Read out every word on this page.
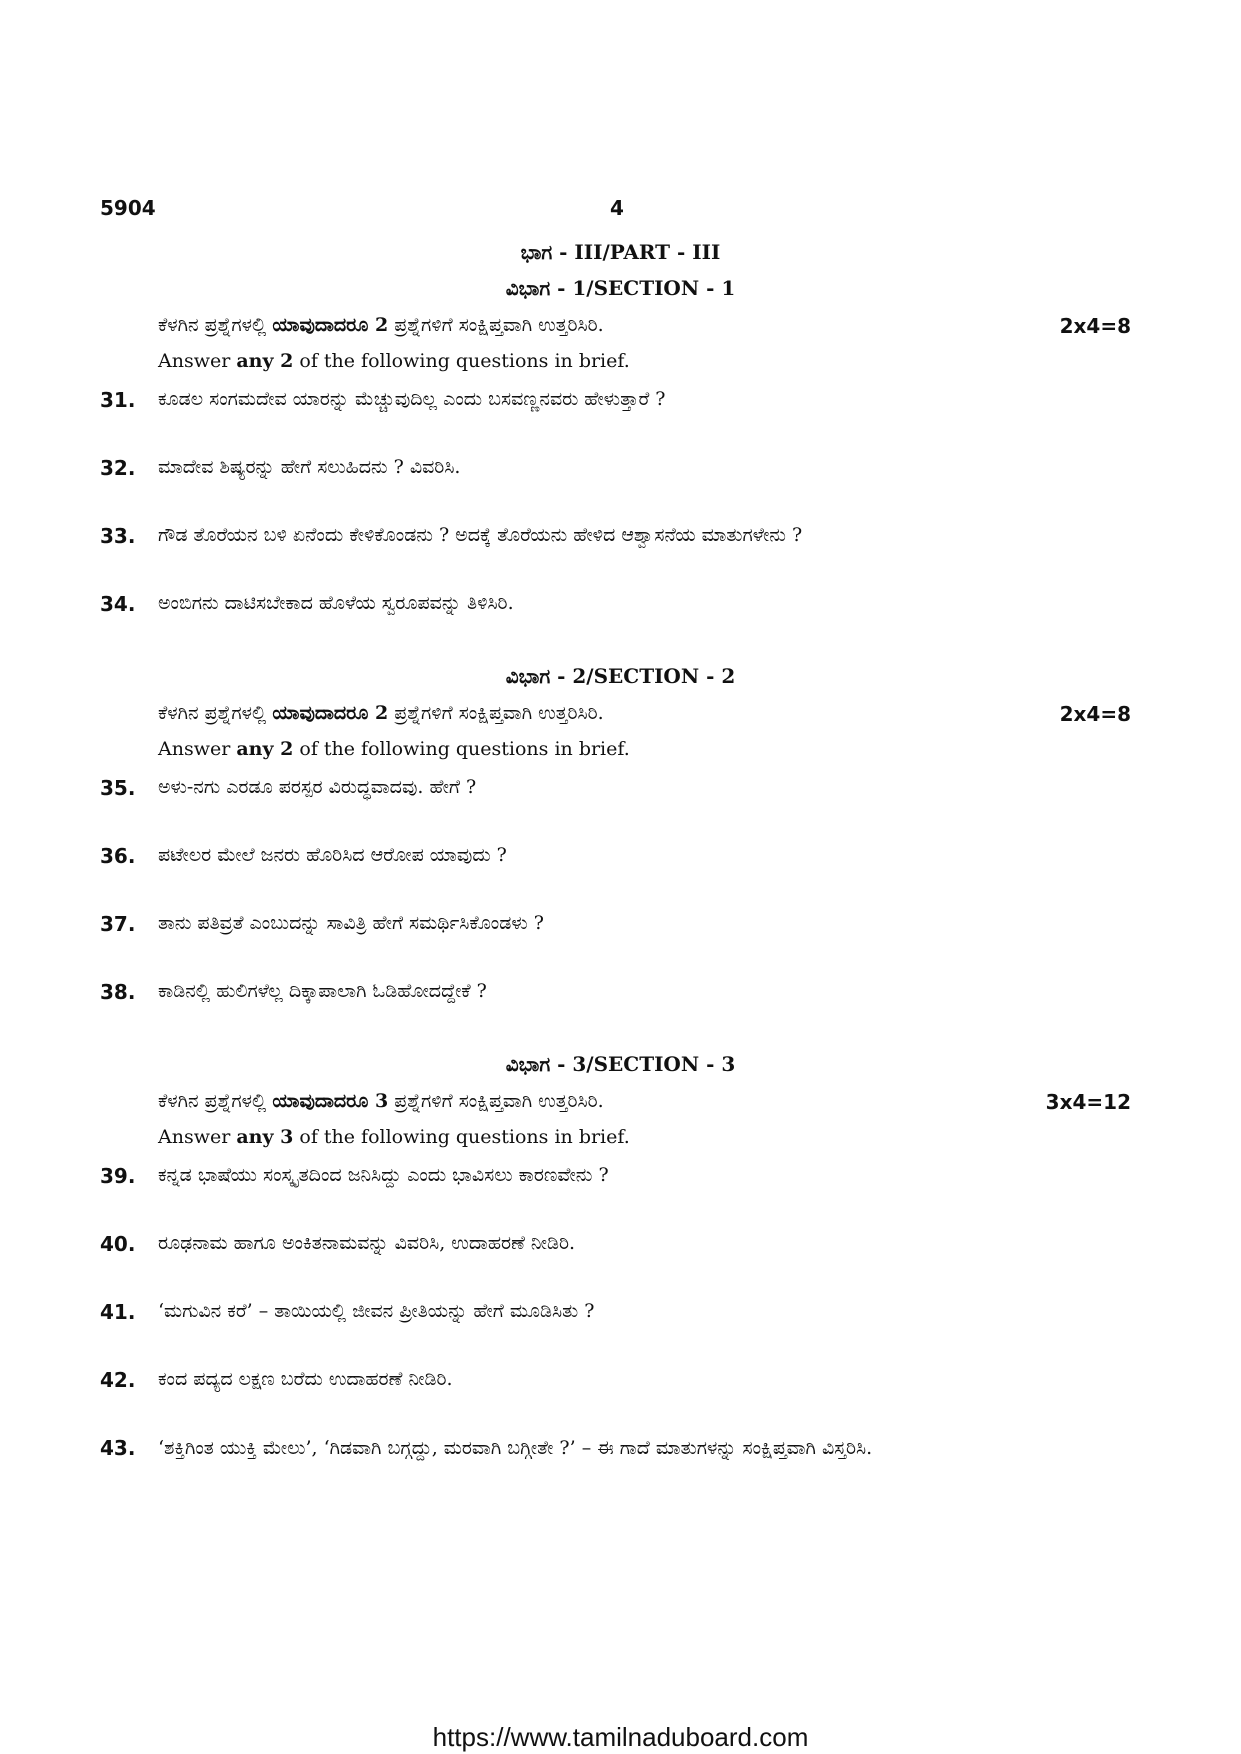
5904	4
ಭಾಗ - III/PART - III
ವಿಭಾಗ - 1/SECTION - 1
ಕೆಳಗಿನ ಪ್ರಶ್ನೆಗಳಲ್ಲಿ ಯಾವುದಾದರೂ 2 ಪ್ರಶ್ನೆಗಳಿಗೆ ಸಂಕ್ಷಿಪ್ತವಾಗಿ ಉತ್ತರಿಸಿರಿ.	2x4=8
Answer any 2 of the following questions in brief.
31. ಕೂಡಲ ಸಂಗಮದೇವ ಯಾರನ್ನು ಮೆಚ್ಚುವುದಿಲ್ಲ ಎಂದು ಬಸವಣ್ಣನವರು ಹೇಳುತ್ತಾರೆ ?
32. ಮಾದೇವ ಶಿಷ್ಯರನ್ನು ಹೇಗೆ ಸಲುಹಿದನು ? ವಿವರಿಸಿ.
33. ಗೌಡ ತೊರೆಯನ ಬಳಿ ಏನೆಂದು ಕೇಳಿಕೊಂಡನು ? ಅದಕ್ಕೆ ತೊರೆಯನು ಹೇಳಿದ ಆಶ್ವಾಸನೆಯ ಮಾತುಗಳೇನು ?
34. ಅಂಬಿಗನು ದಾಟಿಸಬೇಕಾದ ಹೊಳೆಯ ಸ್ವರೂಪವನ್ನು ತಿಳಿಸಿರಿ.
ವಿಭಾಗ - 2/SECTION - 2
ಕೆಳಗಿನ ಪ್ರಶ್ನೆಗಳಲ್ಲಿ ಯಾವುದಾದರೂ 2 ಪ್ರಶ್ನೆಗಳಿಗೆ ಸಂಕ್ಷಿಪ್ತವಾಗಿ ಉತ್ತರಿಸಿರಿ.	2x4=8
Answer any 2 of the following questions in brief.
35. ಅಳು-ನಗು ಎರಡೂ ಪರಸ್ಪರ ವಿರುದ್ಧವಾದವು. ಹೇಗೆ ?
36. ಪಟೇಲರ ಮೇಲೆ ಜನರು ಹೊರಿಸಿದ ಆರೋಪ ಯಾವುದು ?
37. ತಾನು ಪತಿವ್ರತೆ ಎಂಬುದನ್ನು ಸಾವಿತ್ರಿ ಹೇಗೆ ಸಮರ್ಥಿಸಿಕೊಂಡಳು ?
38. ಕಾಡಿನಲ್ಲಿ ಹುಲಿಗಳೆಲ್ಲ ದಿಕ್ಕಾಪಾಲಾಗಿ ಓಡಿಹೋದದ್ದೇಕೆ ?
ವಿಭಾಗ - 3/SECTION - 3
ಕೆಳಗಿನ ಪ್ರಶ್ನೆಗಳಲ್ಲಿ ಯಾವುದಾದರೂ 3 ಪ್ರಶ್ನೆಗಳಿಗೆ ಸಂಕ್ಷಿಪ್ತವಾಗಿ ಉತ್ತರಿಸಿರಿ.	3x4=12
Answer any 3 of the following questions in brief.
39. ಕನ್ನಡ ಭಾಷೆಯು ಸಂಸ್ಕೃತದಿಂದ ಜನಿಸಿದ್ದು ಎಂದು ಭಾವಿಸಲು ಕಾರಣವೇನು ?
40. ರೂಢನಾಮ ಹಾಗೂ ಅಂಕಿತನಾಮವನ್ನು ವಿವರಿಸಿ, ಉದಾಹರಣೆ ನೀಡಿರಿ.
41. ‘ಮಗುವಿನ ಕರೆ’ – ತಾಯಿಯಲ್ಲಿ ಜೀವನ ಪ್ರೀತಿಯನ್ನು ಹೇಗೆ ಮೂಡಿಸಿತು ?
42. ಕಂದ ಪದ್ಯದ ಲಕ್ಷಣ ಬರೆದು ಉದಾಹರಣೆ ನೀಡಿರಿ.
43. ‘ಶಕ್ತಿಗಿಂತ ಯುಕ್ತಿ ಮೇಲು’, ‘ಗಿಡವಾಗಿ ಬಗ್ಗದ್ದು, ಮರವಾಗಿ ಬಗ್ಗೀತೇ ?’ – ಈ ಗಾದೆ ಮಾತುಗಳನ್ನು ಸಂಕ್ಷಿಪ್ತವಾಗಿ ವಿಸ್ತರಿಸಿ.
https://www.tamilnaduboard.com
